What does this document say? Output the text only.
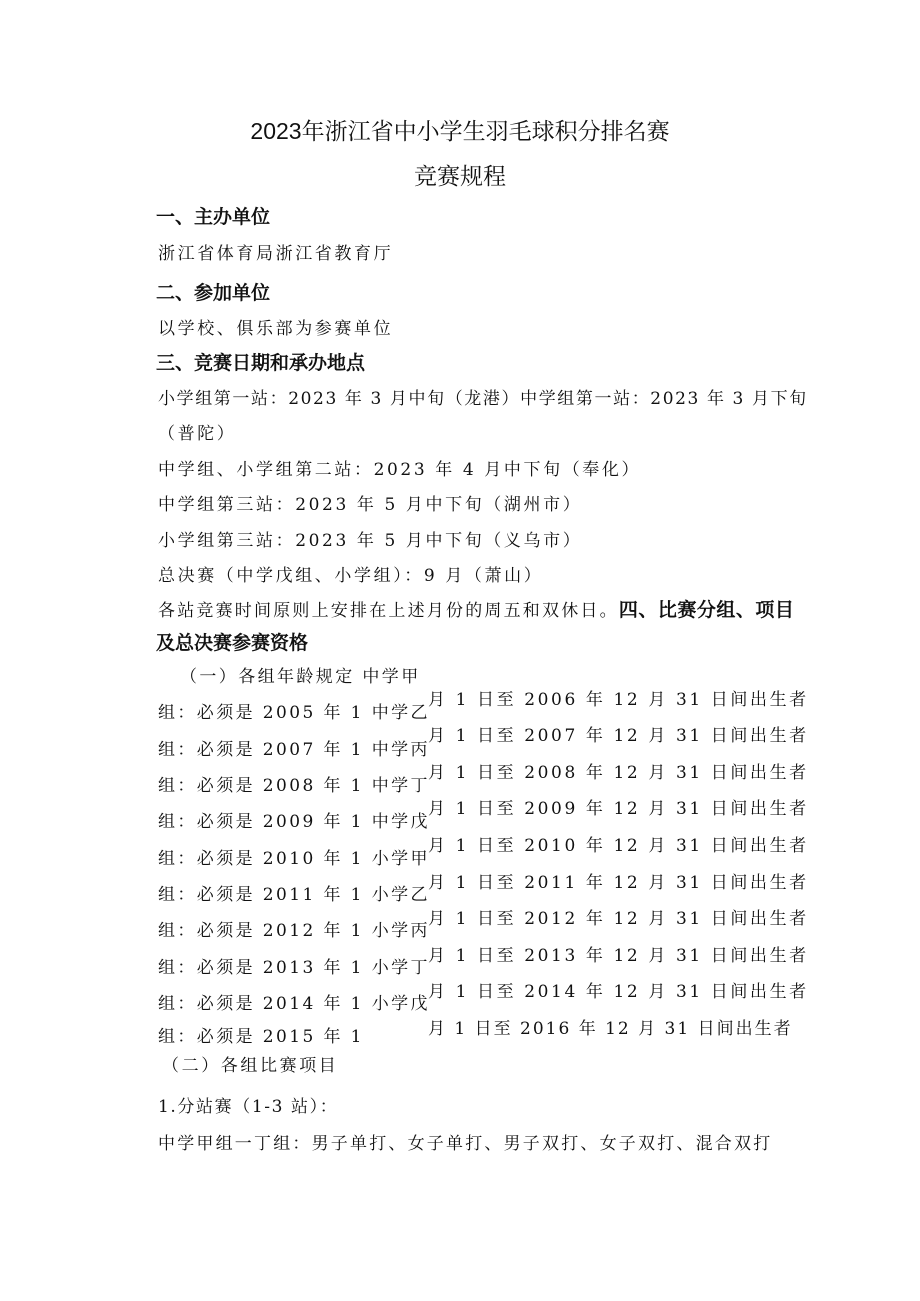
2023年浙江省中小学生羽毛球积分排名赛
竞赛规程
一、主办单位
浙江省体育局浙江省教育厅
二、参加单位
以学校、俱乐部为参赛单位
三、竞赛日期和承办地点
小学组第一站：2023 年 3 月中旬（龙港）中学组第一站：2023 年 3 月下旬
（普陀）
中学组、小学组第二站：2023 年 4 月中下旬（奉化）
中学组第三站：2023 年 5 月中下旬（湖州市）
小学组第三站：2023 年 5 月中下旬（义乌市）
总决赛（中学戊组、小学组）：9 月（萧山）
各站竞赛时间原则上安排在上述月份的周五和双休日。四、比赛分组、项目
及总决赛参赛资格
（一）各组年龄规定 中学甲
组：必须是 2005 年 1 中学乙
组：必须是 2007 年 1 中学丙
组：必须是 2008 年 1 中学丁
组：必须是 2009 年 1 中学戊
组：必须是 2010 年 1 小学甲
组：必须是 2011 年 1 小学乙
组：必须是 2012 年 1 小学丙
组：必须是 2013 年 1 小学丁
组：必须是 2014 年 1 小学戊
组：必须是 2015 年 1
月 1 日至 2006 年 12 月 31 日间出生者
月 1 日至 2007 年 12 月 31 日间出生者
月 1 日至 2008 年 12 月 31 日间出生者
月 1 日至 2009 年 12 月 31 日间出生者
月 1 日至 2010 年 12 月 31 日间出生者
月 1 日至 2011 年 12 月 31 日间出生者
月 1 日至 2012 年 12 月 31 日间出生者
月 1 日至 2013 年 12 月 31 日间出生者
月 1 日至 2014 年 12 月 31 日间出生者
月 1 日至 2016 年 12 月 31 日间出生者
（二）各组比赛项目
1.分站赛（1-3 站）：
中学甲组一丁组：男子单打、女子单打、男子双打、女子双打、混合双打
